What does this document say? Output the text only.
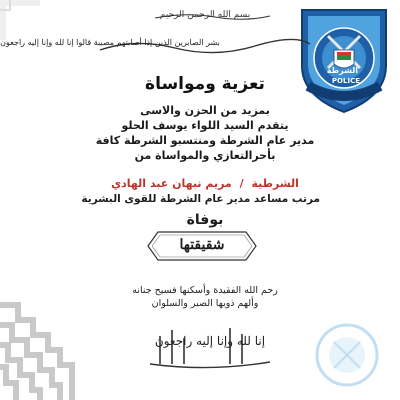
الشرطة
POLICE
بسم الله الرحمن الرحيم
بشر الصابرين الذين إذا أصابتهم مصيبة قالوا إنا لله وإنا إليه راجعون
تعزية ومواساة
بمزيد من الحزن والاسى
يتقدم السيد اللواء يوسف الحلو
مدير عام الشرطة ومنتسبو الشرطة كافة
بأحرالتعازي والمواساة من
الشرطية / مريم نبهان عبد الهادي
مرتب مساعد مدير عام الشرطة للقوى البشرية
بوفاة
شقيقتها
رحم الله الفقيدة وأسكنها فسيح جنانه
وألهم ذويها الصبر والسلوان
إنا لله وإنا إليه راجعون
